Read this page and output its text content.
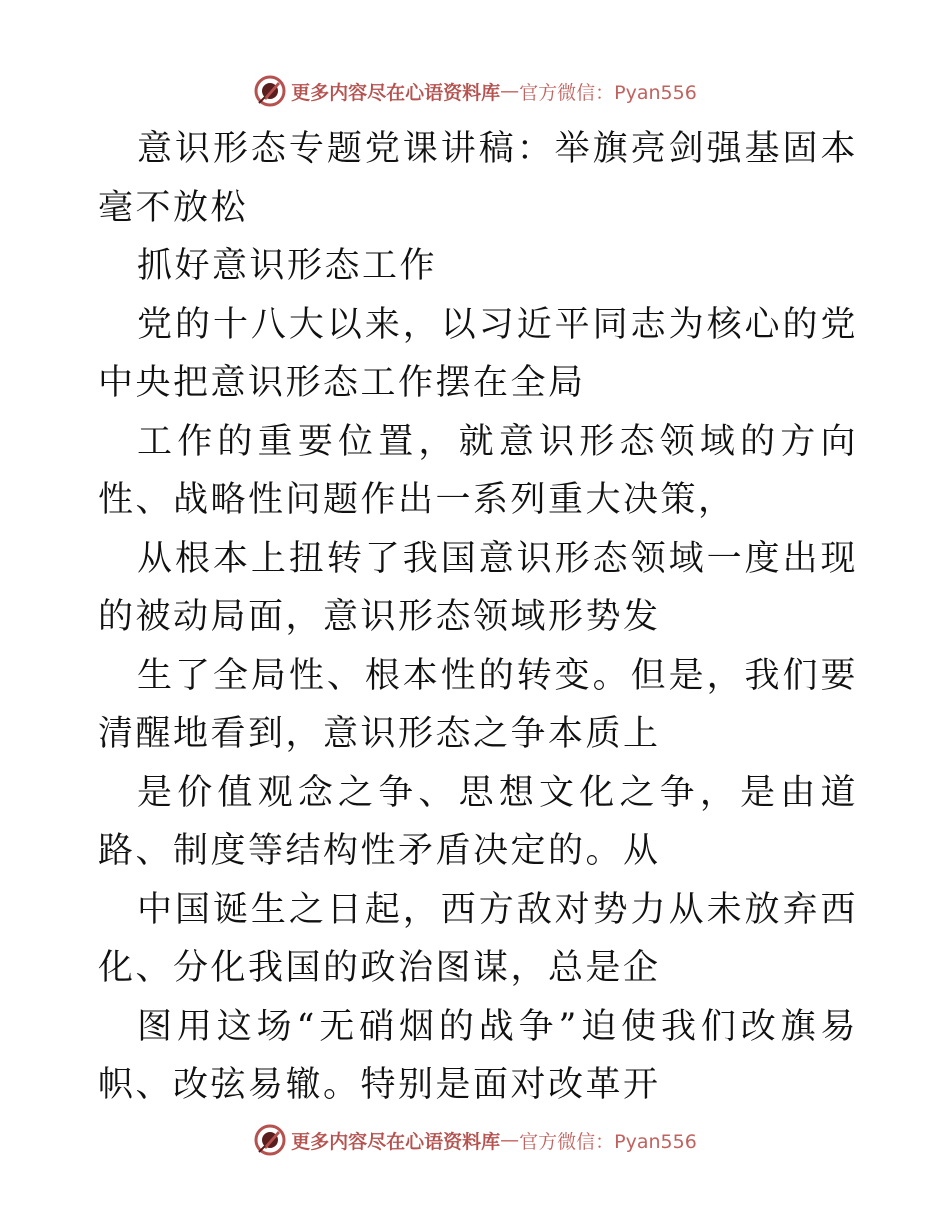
更多内容尽在心语资料库 — 官方微信：Pyan556

意识形态专题党课讲稿：举旗亮剑强基固本毫不放松

抓好意识形态工作

党的十八大以来，以习近平同志为核心的党中央把意识形态工作摆在全局

工作的重要位置，就意识形态领域的方向性、战略性问题作出一系列重大决策，

从根本上扭转了我国意识形态领域一度出现的被动局面，意识形态领域形势发

生了全局性、根本性的转变。但是，我们要清醒地看到，意识形态之争本质上

是价值观念之争、思想文化之争，是由道路、制度等结构性矛盾决定的。从

中国诞生之日起，西方敌对势力从未放弃西化、分化我国的政治图谋，总是企

图用这场“无硝烟的战争”迫使我们改旗易帜、改弦易辙。特别是面对改革开

更多内容尽在心语资料库 — 官方微信：Pyan556
